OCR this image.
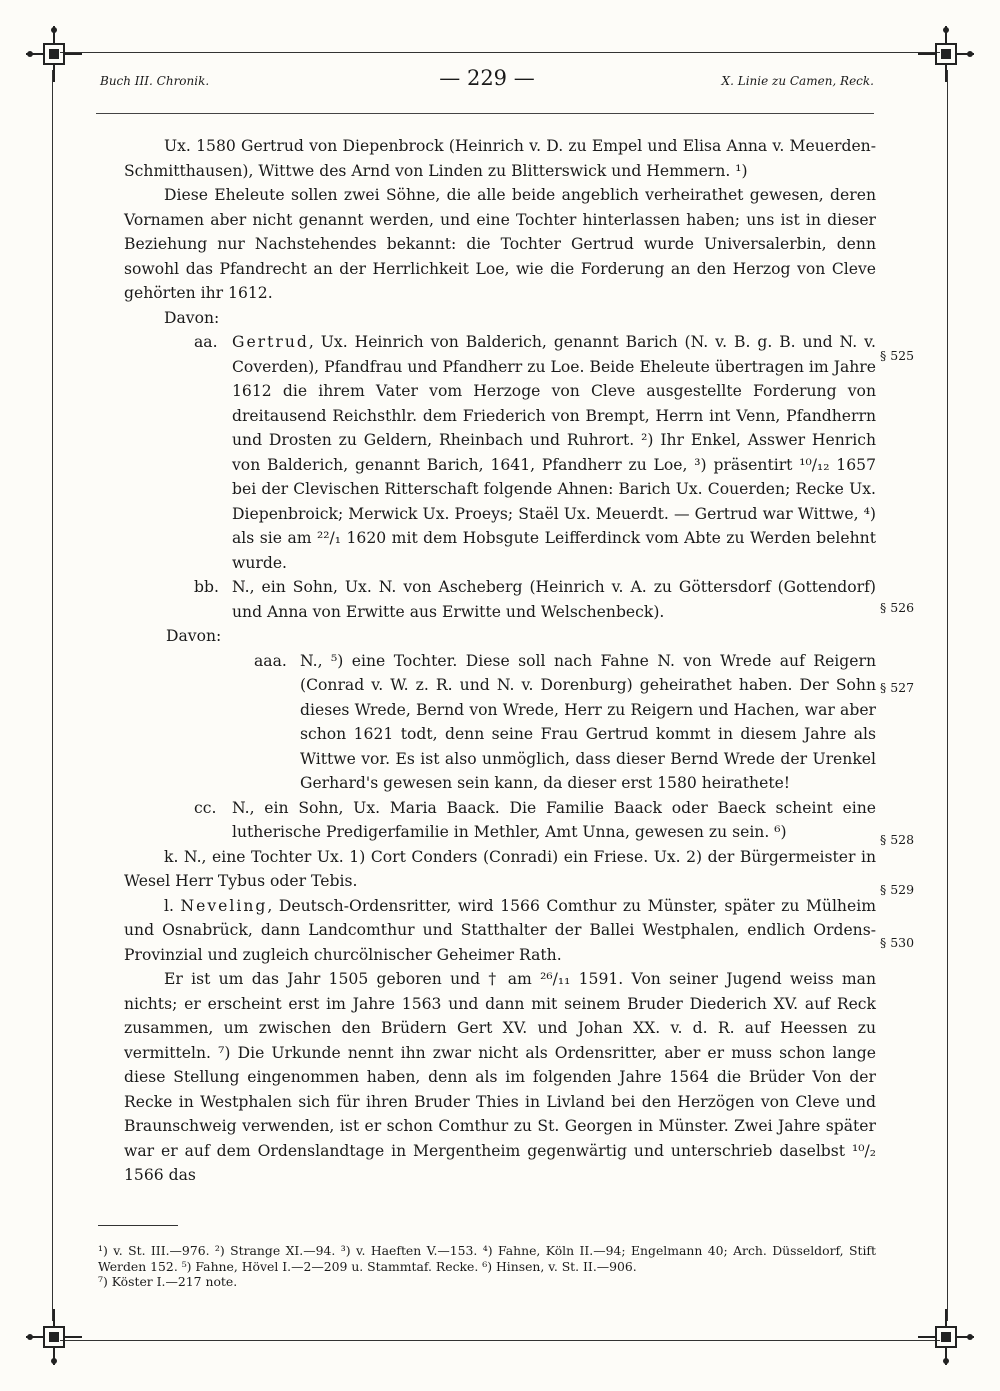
Buch III. Chronik.	— 229 —	X. Linie zu Camen, Reck.

Ux. 1580 Gertrud von Diepenbrock (Heinrich v. D. zu Empel und Elisa Anna v. Meuerden-Schmitthausen), Wittwe des Arnd von Linden zu Blitterswick und Hemmern. ¹)

Diese Eheleute sollen zwei Söhne, die alle beide angeblich verheirathet gewesen, deren Vornamen aber nicht genannt werden, und eine Tochter hinterlassen haben; uns ist in dieser Beziehung nur Nachstehendes bekannt: die Tochter Gertrud wurde Universalerbin, denn sowohl das Pfandrecht an der Herrlichkeit Loe, wie die Forderung an den Herzog von Cleve gehörten ihr 1612.

Davon:

aa. Gertrud, Ux. Heinrich von Balderich, genannt Barich (N. v. B. g. B. und N. v. Coverden), Pfandfrau und Pfandherr zu Loe. Beide Eheleute übertragen im Jahre 1612 die ihrem Vater vom Herzoge von Cleve ausgestellte Forderung von dreitausend Reichsthlr. dem Friederich von Brempt, Herrn int Venn, Pfandherrn und Drosten zu Geldern, Rheinbach und Ruhrort. ²) Ihr Enkel, Asswer Henrich von Balderich, genannt Barich, 1641, Pfandherr zu Loe, ³) präsentirt ¹⁰/₁₂ 1657 bei der Clevischen Ritterschaft folgende Ahnen: Barich Ux. Couerden; Recke Ux. Diepenbroick; Merwick Ux. Proeys; Staël Ux. Meuerdt. — Gertrud war Wittwe, ⁴) als sie am ²²/₁ 1620 mit dem Hobsgute Leifferdinck vom Abte zu Werden belehnt wurde.

bb. N., ein Sohn, Ux. N. von Ascheberg (Heinrich v. A. zu Göttersdorf (Gottendorf) und Anna von Erwitte aus Erwitte und Welschenbeck).

Davon:

aaa. N., ⁵) eine Tochter. Diese soll nach Fahne N. von Wrede auf Reigern (Conrad v. W. z. R. und N. v. Dorenburg) geheirathet haben. Der Sohn dieses Wrede, Bernd von Wrede, Herr zu Reigern und Hachen, war aber schon 1621 todt, denn seine Frau Gertrud kommt in diesem Jahre als Wittwe vor. Es ist also unmöglich, dass dieser Bernd Wrede der Urenkel Gerhard's gewesen sein kann, da dieser erst 1580 heirathete!

cc. N., ein Sohn, Ux. Maria Baack. Die Familie Baack oder Baeck scheint eine lutherische Predigerfamilie in Methler, Amt Unna, gewesen zu sein. ⁶)

k. N., eine Tochter Ux. 1) Cort Conders (Conradi) ein Friese. Ux. 2) der Bürgermeister in Wesel Herr Tybus oder Tebis.

l. Neveling, Deutsch-Ordensritter, wird 1566 Comthur zu Münster, später zu Mülheim und Osnabrück, dann Landcomthur und Statthalter der Ballei Westphalen, endlich Ordens-Provinzial und zugleich churcölnischer Geheimer Rath.

Er ist um das Jahr 1505 geboren und † am ²⁶/₁₁ 1591. Von seiner Jugend weiss man nichts; er erscheint erst im Jahre 1563 und dann mit seinem Bruder Diederich XV. auf Reck zusammen, um zwischen den Brüdern Gert XV. und Johan XX. v. d. R. auf Heessen zu vermitteln. ⁷) Die Urkunde nennt ihn zwar nicht als Ordensritter, aber er muss schon lange diese Stellung eingenommen haben, denn als im folgenden Jahre 1564 die Brüder Von der Recke in Westphalen sich für ihren Bruder Thies in Livland bei den Herzögen von Cleve und Braunschweig verwenden, ist er schon Comthur zu St. Georgen in Münster. Zwei Jahre später war er auf dem Ordenslandtage in Mergentheim gegenwärtig und unterschrieb daselbst ¹⁰/₂ 1566 das

§ 525
§ 526
§ 527
§ 528
§ 529
§ 530

¹) v. St. III.—976. ²) Strange XI.—94. ³) v. Haeften V.—153. ⁴) Fahne, Köln II.—94; Engelmann 40; Arch. Düsseldorf, Stift Werden 152. ⁵) Fahne, Hövel I.—2—209 u. Stammtaf. Recke. ⁶) Hinsen, v. St. II.—906.

⁷) Köster I.—217 note.
